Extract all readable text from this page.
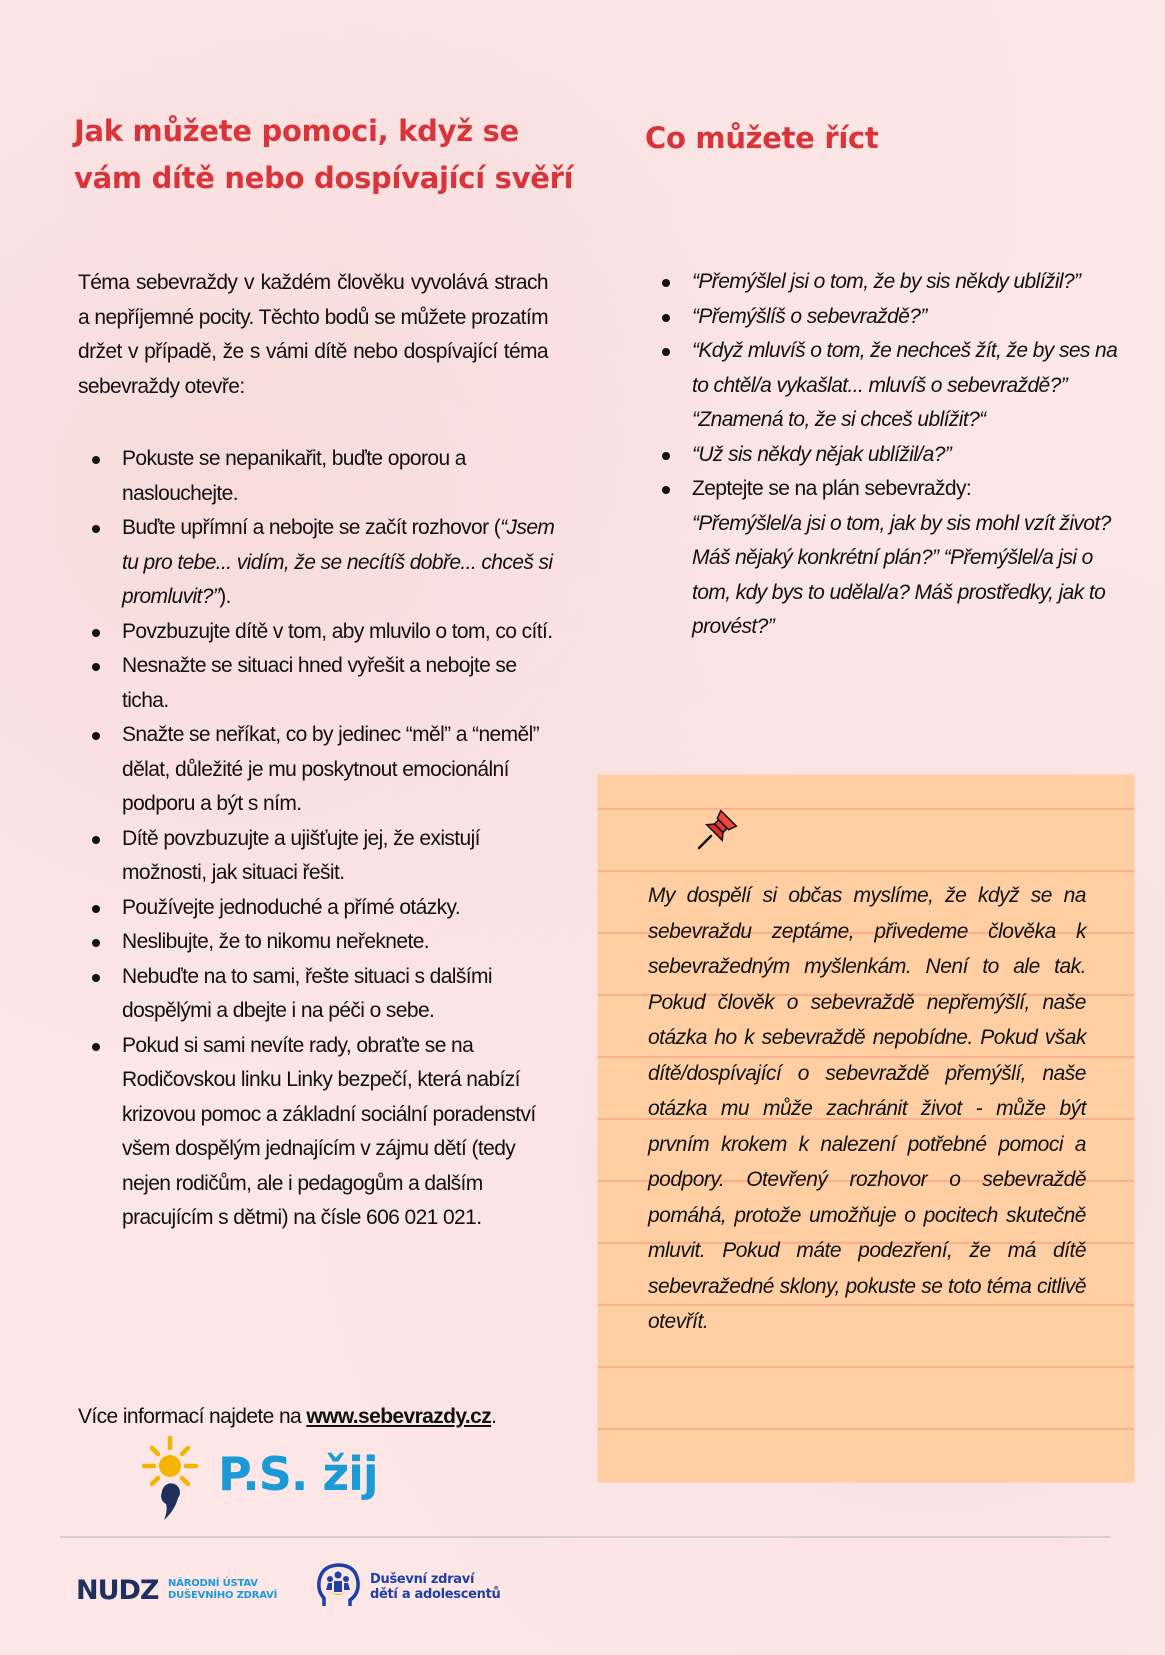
Jak můžete pomoci, když se
vám dítě nebo dospívající svěří
Téma sebevraždy v každém člověku vyvolává strach a nepříjemné pocity. Těchto bodů se můžete prozatím držet v případě, že s vámi dítě nebo dospívající téma sebevraždy otevře:
Pokuste se nepanikařit, buďte oporou a naslouchejte.
Buďte upřímní a nebojte se začít rozhovor (“Jsem tu pro tebe... vidím, že se necítíš dobře... chceš si promluvit?”).
Povzbuzujte dítě v tom, aby mluvilo o tom, co cítí.
Nesnažte se situaci hned vyřešit a nebojte se ticha.
Snažte se neříkat, co by jedinec “měl” a “neměl” dělat, důležité je mu poskytnout emocionální podporu a být s ním.
Dítě povzbuzujte a ujišťujte jej, že existují možnosti, jak situaci řešit.
Používejte jednoduché a přímé otázky.
Neslibujte, že to nikomu neřeknete.
Nebuďte na to sami, řešte situaci s dalšími dospělými a dbejte i na péči o sebe.
Pokud si sami nevíte rady, obraťte se na Rodičovskou linku Linky bezpečí, která nabízí krizovou pomoc a základní sociální poradenství všem dospělým jednajícím v zájmu dětí (tedy nejen rodičům, ale i pedagogům a dalším pracujícím s dětmi) na čísle 606 021 021.
Více informací najdete na www.sebevrazdy.cz.
P.S. žij
Co můžete říct
“Přemýšlel jsi o tom, že by sis někdy ublížil?”
“Přemýšlíš o sebevraždě?”
“Když mluvíš o tom, že nechceš žít, že by ses na to chtěl/a vykašlat... mluvíš o sebevraždě?” “Znamená to, že si chceš ublížit?“
“Už sis někdy nějak ublížil/a?”
Zeptejte se na plán sebevraždy:
“Přemýšlel/a jsi o tom, jak by sis mohl vzít život? Máš nějaký konkrétní plán?” “Přemýšlel/a jsi o tom, kdy bys to udělal/a? Máš prostředky, jak to provést?”
My dospělí si občas myslíme, že když se na sebevraždu zeptáme, přivedeme člověka k sebevražedným myšlenkám. Není to ale tak. Pokud člověk o sebevraždě nepřemýšlí, naše otázka ho k sebevraždě nepobídne. Pokud však dítě/dospívající o sebevraždě přemýšlí, naše otázka mu může zachránit život - může být prvním krokem k nalezení potřebné pomoci a podpory. Otevřený rozhovor o sebevraždě pomáhá, protože umožňuje o pocitech skutečně mluvit. Pokud máte podezření, že má dítě sebevražedné sklony, pokuste se toto téma citlivě otevřít.
NUDZ NÁRODNÍ ÚSTAV
DUŠEVNÍHO ZDRAVÍ
Duševní zdraví
dětí a adolescentů
